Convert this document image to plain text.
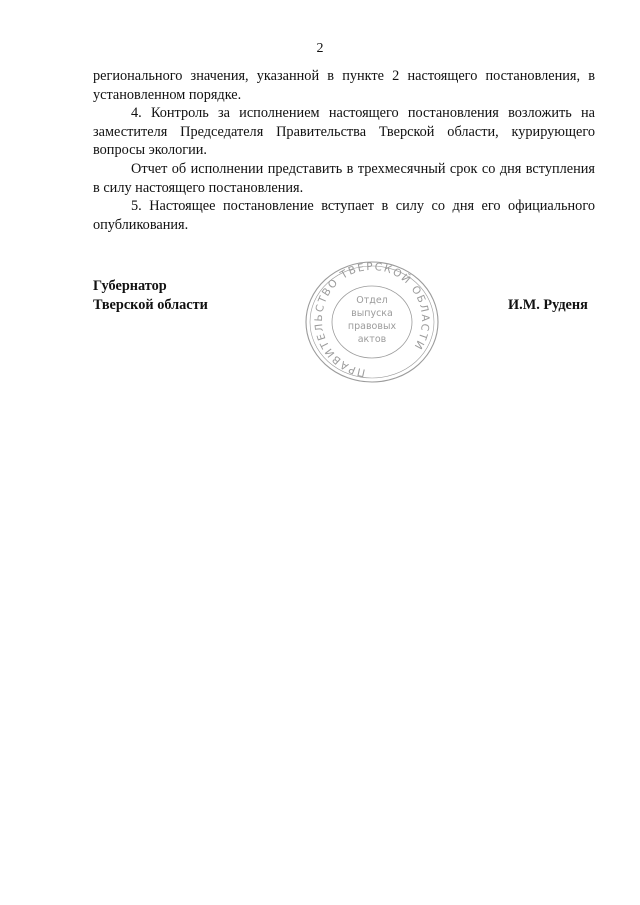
2

регионального значения, указанной в пункте 2 настоящего постановления, в установленном порядке.

4. Контроль за исполнением настоящего постановления возложить на заместителя Председателя Правительства Тверской области, курирующего вопросы экологии.

Отчет об исполнении представить в трехмесячный срок со дня вступления в силу настоящего постановления.

5. Настоящее постановление вступает в силу со дня его официального опубликования.

Губернатор
Тверской области	И.М. Руденя
ПРАВИТЕЛЬСТВО ТВЕРСКОЙ ОБЛАСТИ
Отдел
выпуска
правовых
актов
